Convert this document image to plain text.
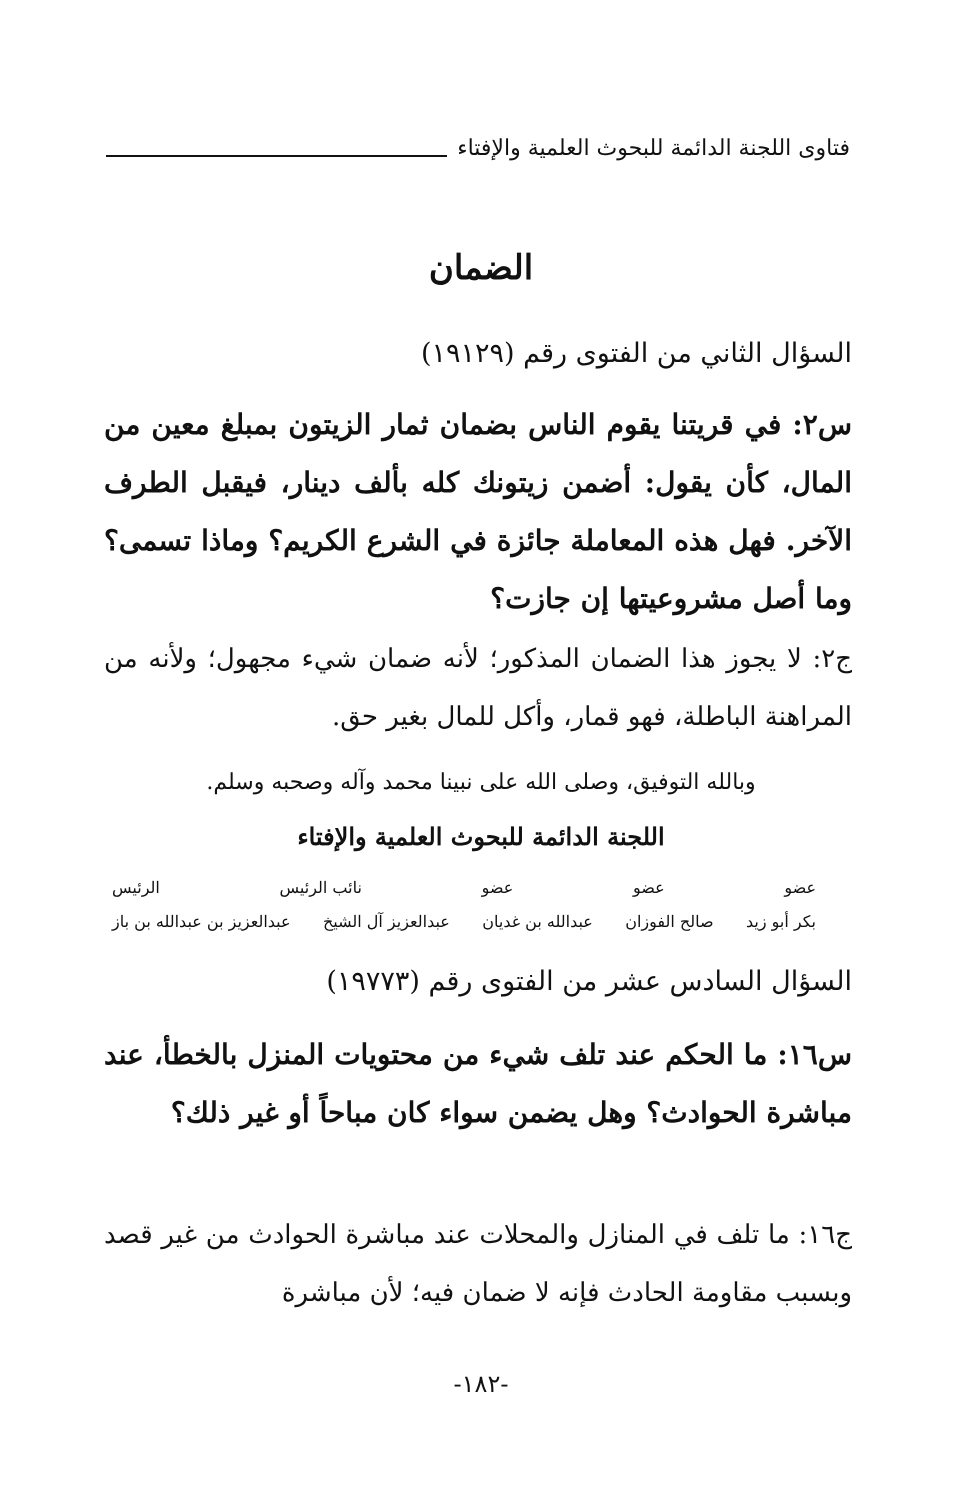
فتاوى اللجنة الدائمة للبحوث العلمية والإفتاء
الضمان
السؤال الثاني من الفتوى رقم (١٩١٢٩)
س٢: في قريتنا يقوم الناس بضمان ثمار الزيتون بمبلغ معين من المال، كأن يقول: أضمن زيتونك كله بألف دينار، فيقبل الطرف الآخر. فهل هذه المعاملة جائزة في الشرع الكريم؟ وماذا تسمى؟ وما أصل مشروعيتها إن جازت؟
ج٢: لا يجوز هذا الضمان المذكور؛ لأنه ضمان شيء مجهول؛ ولأنه من المراهنة الباطلة، فهو قمار، وأكل للمال بغير حق.
وبالله التوفيق، وصلى الله على نبينا محمد وآله وصحبه وسلم.
اللجنة الدائمة للبحوث العلمية والإفتاء
عضو
عضو
عضو
نائب الرئيس
الرئيس
بكر أبو زيد
صالح الفوزان
عبدالله بن غديان
عبدالعزيز آل الشيخ
عبدالعزيز بن عبدالله بن باز
السؤال السادس عشر من الفتوى رقم (١٩٧٧٣)
س١٦: ما الحكم عند تلف شيء من محتويات المنزل بالخطأ، عند مباشرة الحوادث؟ وهل يضمن سواء كان مباحاً أو غير ذلك؟
ج١٦: ما تلف في المنازل والمحلات عند مباشرة الحوادث من غير قصد وبسبب مقاومة الحادث فإنه لا ضمان فيه؛ لأن مباشرة
-١٨٢-
